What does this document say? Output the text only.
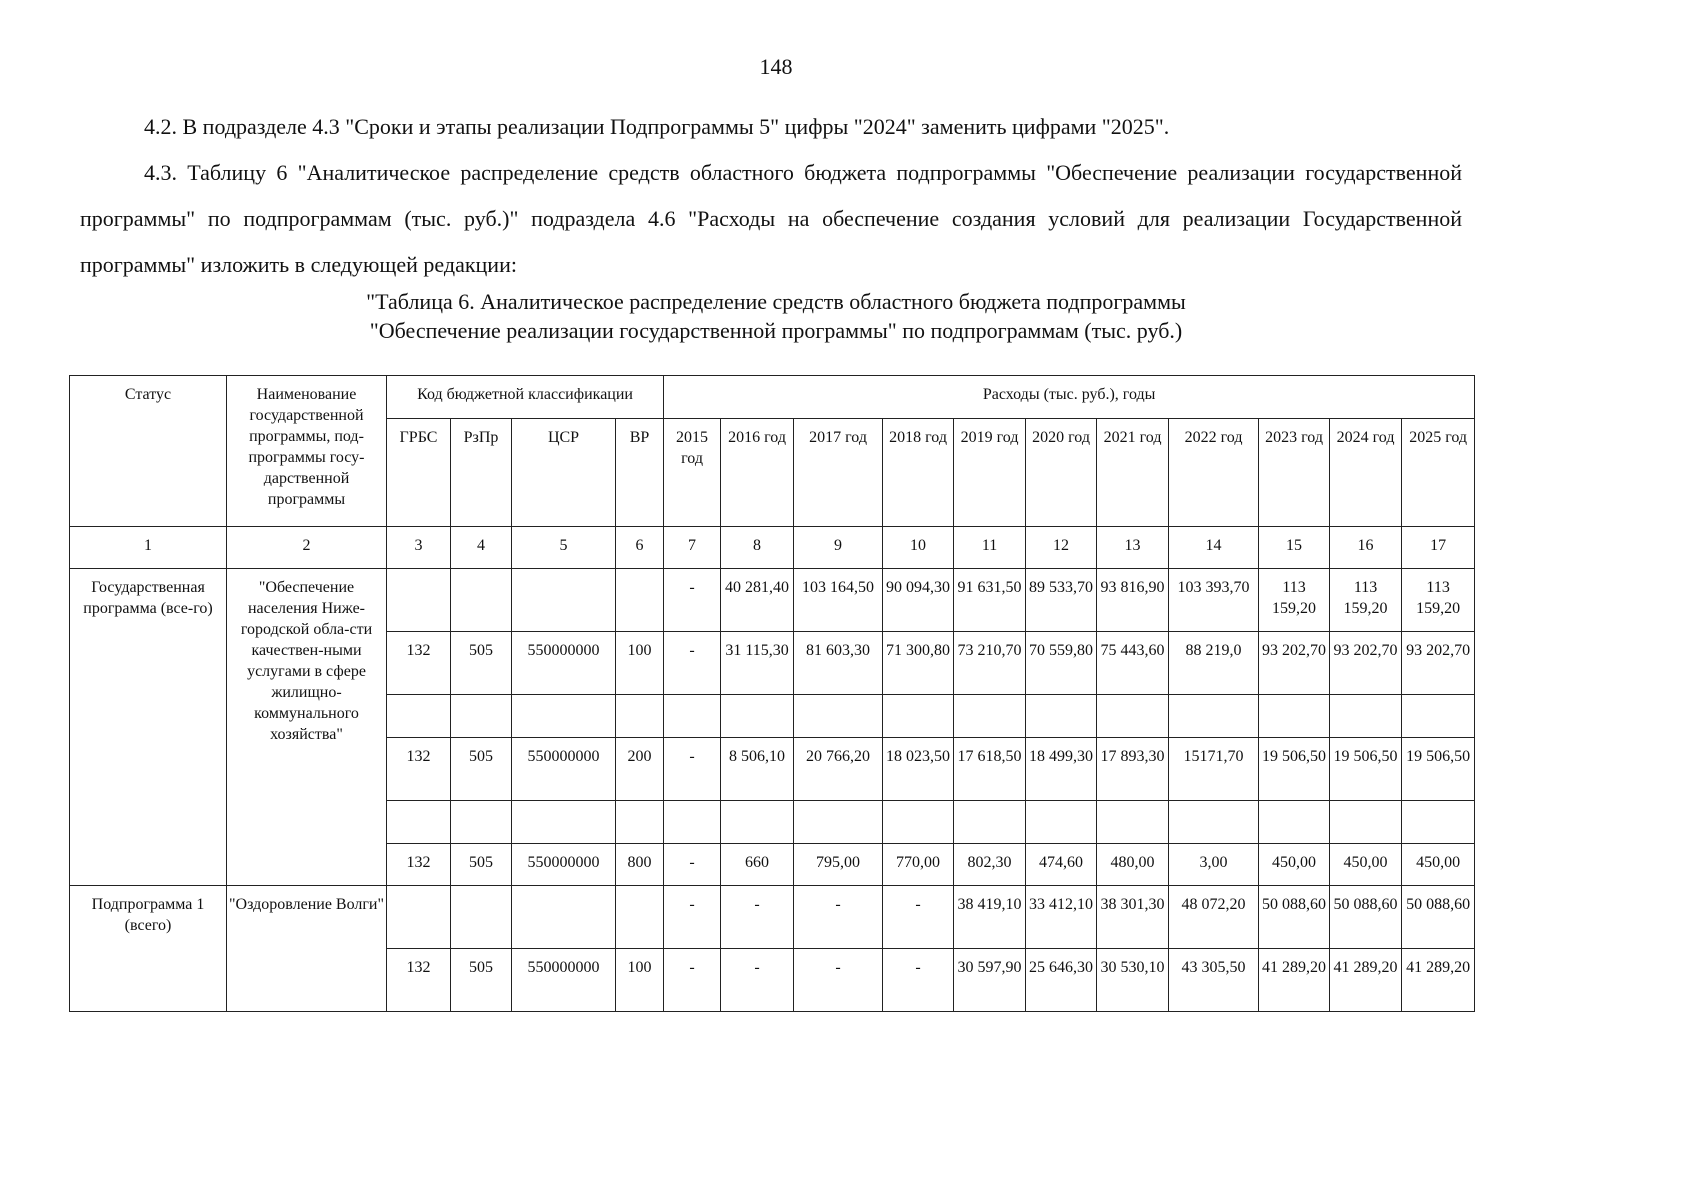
148
4.2. В подразделе 4.3 "Сроки и этапы реализации Подпрограммы 5" цифры "2024" заменить цифрами "2025".
4.3. Таблицу 6 "Аналитическое распределение средств областного бюджета подпрограммы "Обеспечение реализации государственной программы" по подпрограммам (тыс. руб.)" подраздела 4.6 "Расходы на обеспечение создания условий для реализации Государственной программы" изложить в следующей редакции:
"Таблица 6. Аналитическое распределение средств областного бюджета подпрограммы
"Обеспечение реализации государственной программы" по подпрограммам (тыс. руб.)
Статус	Наименование государственной программы, под-программы госу-дарственной программы	Код бюджетной классификации				Расходы (тыс. руб.), годы										
		ГРБС	РзПр	ЦСР	ВР	2015 год	2016 год	2017 год	2018 год	2019 год	2020 год	2021 год	2022 год	2023 год	2024 год	2025 год
1	2	3	4	5	6	7	8	9	10	11	12	13	14	15	16	17
Государственная программа (все-го)	"Обеспечение населения Ниже-городской обла-сти качествен-ными услугами в сфере жилищно-коммунального хозяйства"					-	40 281,40	103 164,50	90 094,30	91 631,50	89 533,70	93 816,90	103 393,70	113 159,20	113 159,20	113 159,20
		132	505	550000000	100	-	31 115,30	81 603,30	71 300,80	73 210,70	70 559,80	75 443,60	88 219,0	93 202,70	93 202,70	93 202,70

		132	505	550000000	200	-	8 506,10	20 766,20	18 023,50	17 618,50	18 499,30	17 893,30	15171,70	19 506,50	19 506,50	19 506,50

		132	505	550000000	800	-	660	795,00	770,00	802,30	474,60	480,00	3,00	450,00	450,00	450,00
Подпрограмма 1 (всего)	"Оздоровление Волги"					-	-	-	-	38 419,10	33 412,10	38 301,30	48 072,20	50 088,60	50 088,60	50 088,60
		132	505	550000000	100	-	-	-	-	30 597,90	25 646,30	30 530,10	43 305,50	41 289,20	41 289,20	41 289,20
